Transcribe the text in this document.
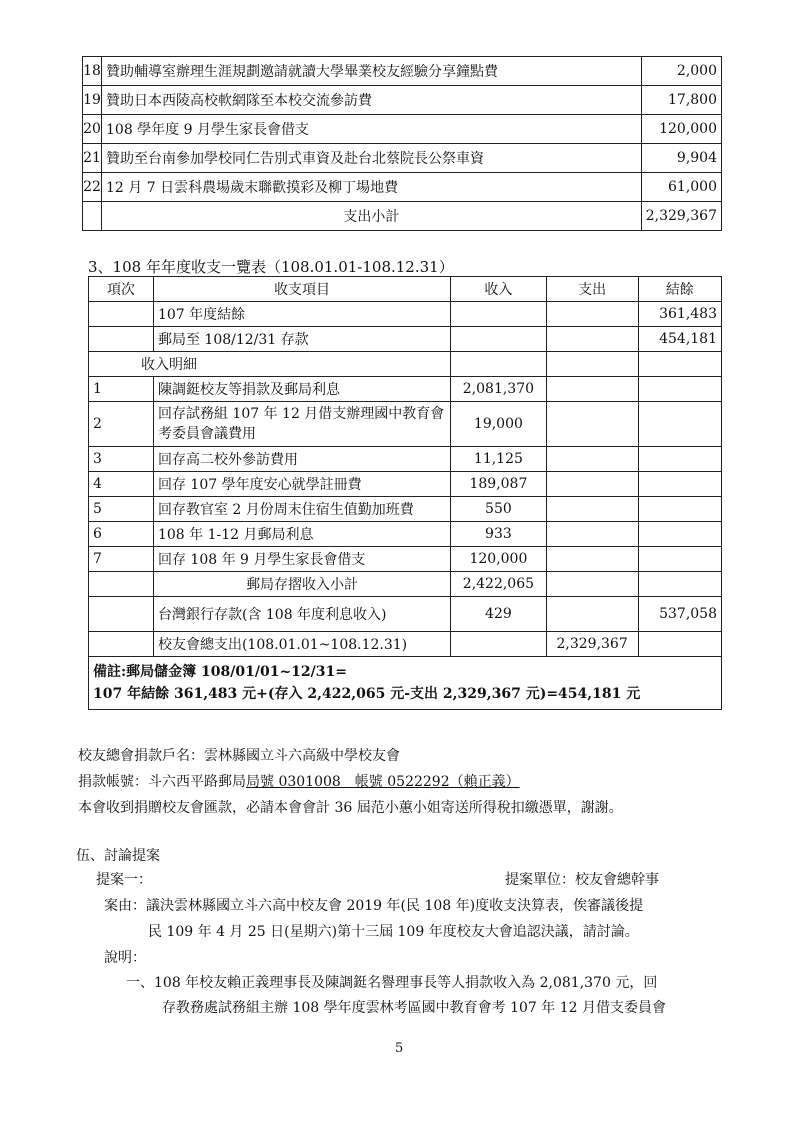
18	贊助輔導室辦理生涯規劃邀請就讀大學畢業校友經驗分享鐘點費	2,000
19	贊助日本西陵高校軟網隊至本校交流參訪費	17,800
20	108 學年度 9 月學生家長會借支	120,000
21	贊助至台南參加學校同仁告別式車資及赴台北蔡院長公祭車資	9,904
22	12 月 7 日雲科農場歲末聯歡摸彩及柳丁場地費	61,000
	支出小計	2,329,367
3、108 年年度收支一覽表（108.01.01-108.12.31）
項次	收支項目	收入	支出	結餘
	107 年度結餘			361,483
	郵局至 108/12/31 存款			454,181
收入明細				
1	陳調鋌校友等捐款及郵局利息	2,081,370		
2	回存試務組 107 年 12 月借支辦理國中教育會考委員會議費用	19,000		
3	回存高二校外參訪費用	11,125		
4	回存 107 學年度安心就學註冊費	189,087		
5	回存教官室 2 月份周末住宿生值勤加班費	550		
6	108 年 1-12 月郵局利息	933		
7	回存 108 年 9 月學生家長會借支	120,000		
	郵局存摺收入小計	2,422,065		
	台灣銀行存款(含 108 年度利息收入)	429		537,058
	校友會總支出(108.01.01~108.12.31)		2,329,367	

備註:郵局儲金簿 108/01/01~12/31=
107 年結餘 361,483 元+(存入 2,422,065 元-支出 2,329,367 元)=454,181 元				
校友總會捐款戶名：雲林縣國立斗六高級中學校友會
捐款帳號：斗六西平路郵局局號 0301008　帳號 0522292（賴正義）
本會收到捐贈校友會匯款，必請本會會計 36 屆范小蕙小姐寄送所得稅扣繳憑單，謝謝。
伍、討論提案
提案一：	提案單位：校友會總幹事
案由：議決雲林縣國立斗六高中校友會 2019 年(民 108 年)度收支決算表，俟審議後提
民 109 年 4 月 25 日(星期六)第十三屆 109 年度校友大會追認決議，請討論。
說明：
一、108 年校友賴正義理事長及陳調鋌名譽理事長等人捐款收入為 2,081,370 元，回
存教務處試務組主辦 108 學年度雲林考區國中教育會考 107 年 12 月借支委員會
5
